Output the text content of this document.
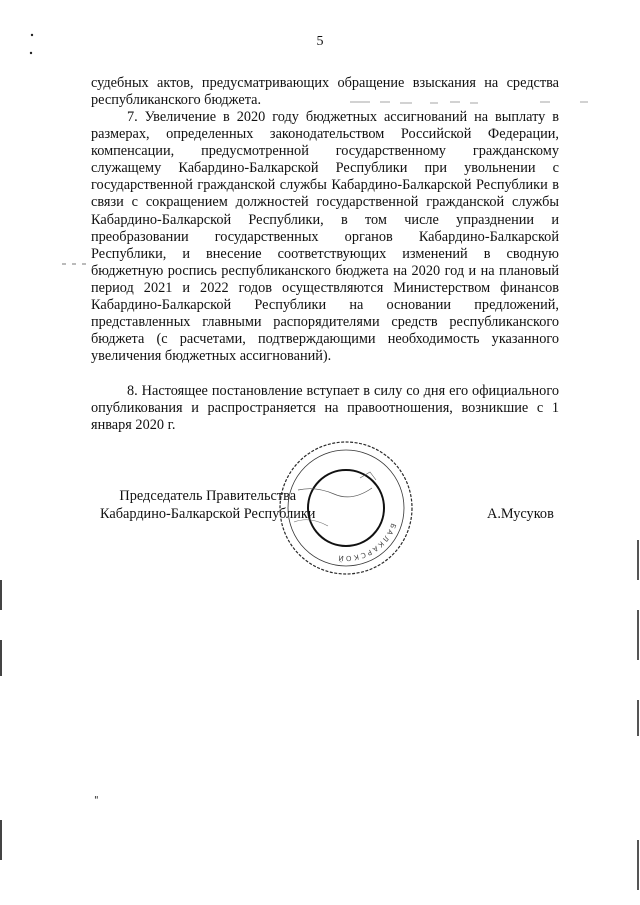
5

судебных актов, предусматривающих обращение взыскания на средства республиканского бюджета.

7. Увеличение в 2020 году бюджетных ассигнований на выплату в размерах, определенных законодательством Российской Федерации, компенсации, предусмотренной государственному гражданскому служащему Кабардино-Балкарской Республики при увольнении с государственной гражданской службы Кабардино-Балкарской Республики в связи с сокращением должностей государственной гражданской службы Кабардино-Балкарской Республики, в том числе упразднении и преобразовании государственных органов Кабардино-Балкарской Республики, и внесение соответствующих изменений в сводную бюджетную роспись республиканского бюджета на 2020 год и на плановый период 2021 и 2022 годов осуществляются Министерством финансов Кабардино-Балкарской Республики на основании предложений, представленных главными распорядителями средств республиканского бюджета (с расчетами, подтверждающими необходимость указанного увеличения бюджетных ассигнований).

8. Настоящее постановление вступает в силу со дня его официального опубликования и распространяется на правоотношения, возникшие с 1 января 2020 г.

Председатель Правительства
Кабардино-Балкарской Республики	А.Мусуков
БАЛКАРСКОЙ
"
